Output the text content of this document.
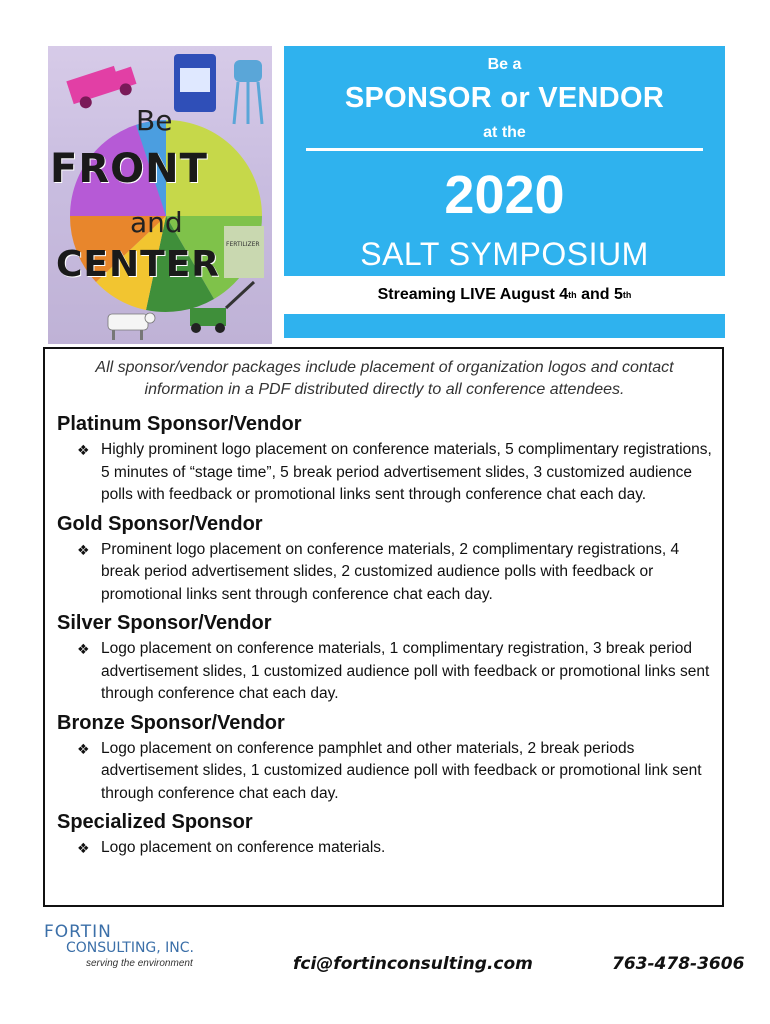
FERTILIZER
Be
FRONT
and
CENTER
Be a
SPONSOR or VENDOR
at the
2020
SALT SYMPOSIUM
Streaming LIVE August 4 th and 5 th

All sponsor/vendor packages include placement of organization logos and contact information in a PDF distributed directly to all conference attendees.

Platinum Sponsor/Vendor
❖ Highly prominent logo placement on conference materials, 5 complimentary registrations, 5 minutes of “stage time”, 5 break period advertisement slides, 3 customized audience polls with feedback or promotional links sent through conference chat each day.
Gold Sponsor/Vendor
❖ Prominent logo placement on conference materials, 2 complimentary registrations, 4 break period advertisement slides, 2 customized audience polls with feedback or promotional links sent through conference chat each day.
Silver Sponsor/Vendor
❖ Logo placement on conference materials, 1 complimentary registration, 3 break period advertisement slides, 1 customized audience poll with feedback or promotional links sent through conference chat each day.
Bronze Sponsor/Vendor
❖ Logo placement on conference pamphlet and other materials, 2 break periods advertisement slides, 1 customized audience poll with feedback or promotional link sent through conference chat each day.
Specialized Sponsor
❖ Logo placement on conference materials.
FORTIN
CONSULTING, INC.
serving the environment	fci@fortinconsulting.com	763-478-3606
